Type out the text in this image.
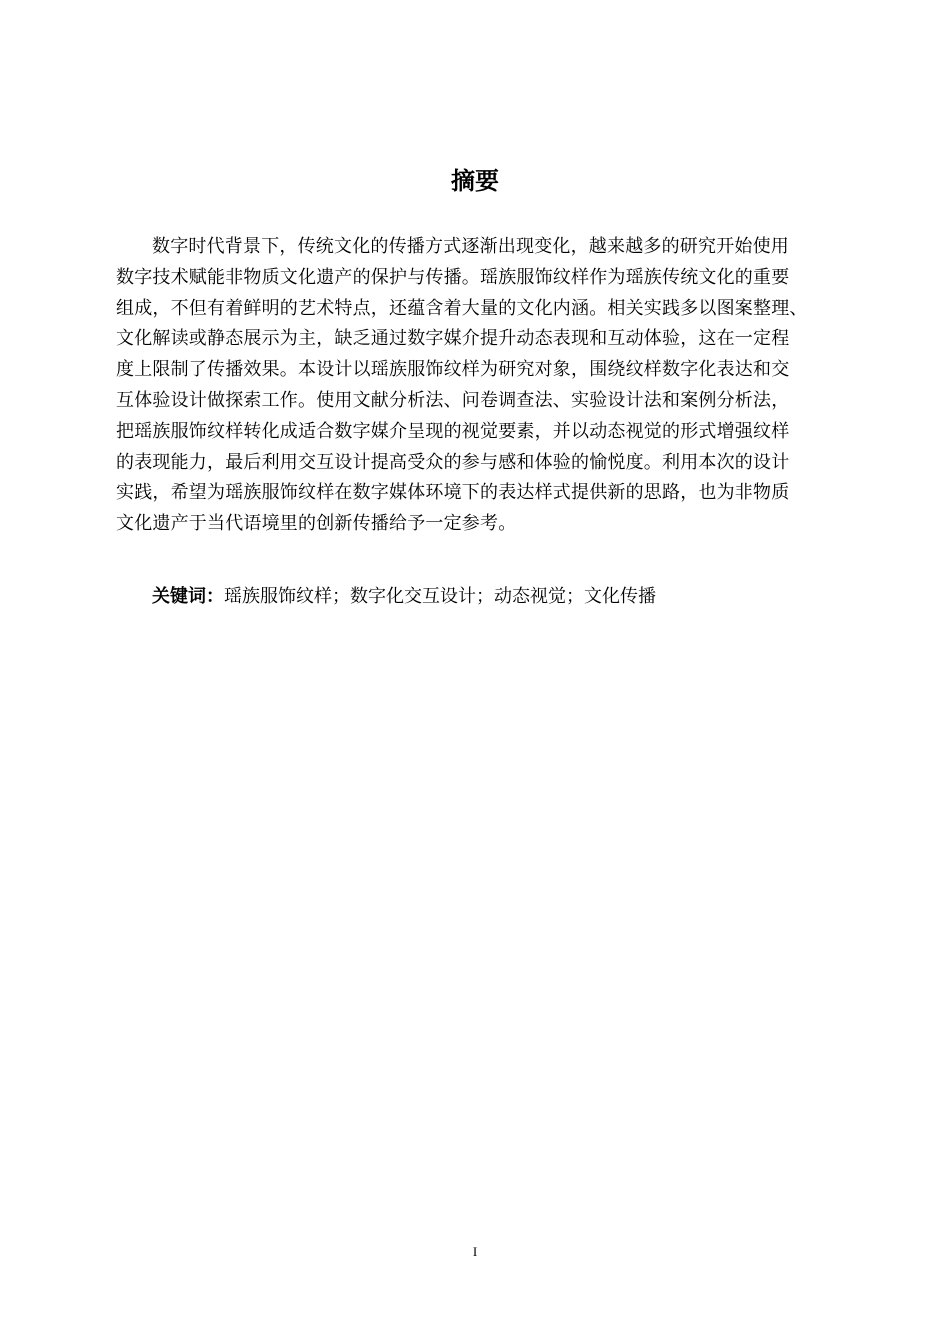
摘要
数字时代背景下，传统文化的传播方式逐渐出现变化，越来越多的研究开始使用
数字技术赋能非物质文化遗产的保护与传播。瑶族服饰纹样作为瑶族传统文化的重要
组成，不但有着鲜明的艺术特点，还蕴含着大量的文化内涵。相关实践多以图案整理、
文化解读或静态展示为主，缺乏通过数字媒介提升动态表现和互动体验，这在一定程
度上限制了传播效果。本设计以瑶族服饰纹样为研究对象，围绕纹样数字化表达和交
互体验设计做探索工作。使用文献分析法、问卷调查法、实验设计法和案例分析法，
把瑶族服饰纹样转化成适合数字媒介呈现的视觉要素，并以动态视觉的形式增强纹样
的表现能力，最后利用交互设计提高受众的参与感和体验的愉悦度。利用本次的设计
实践，希望为瑶族服饰纹样在数字媒体环境下的表达样式提供新的思路，也为非物质
文化遗产于当代语境里的创新传播给予一定参考。
关键词：瑶族服饰纹样；数字化交互设计；动态视觉；文化传播
I
